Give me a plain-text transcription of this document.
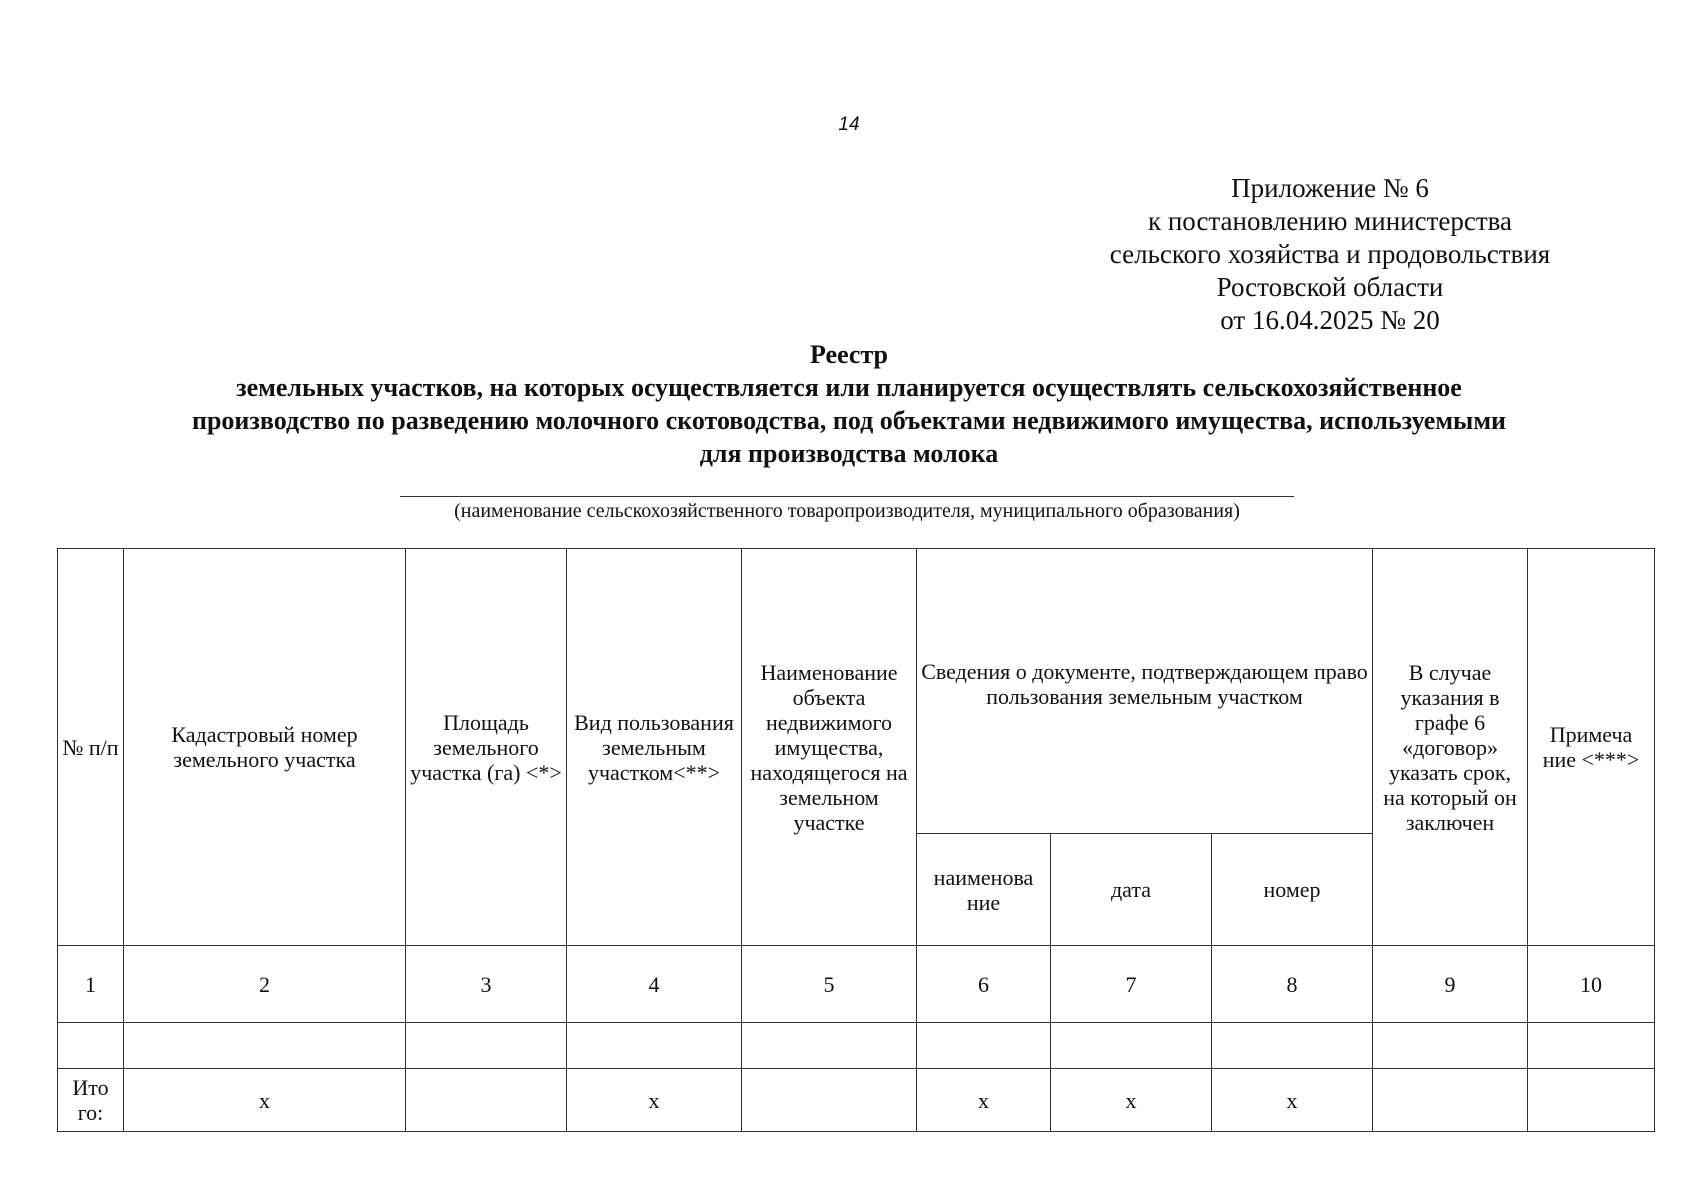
14
Приложение № 6
к постановлению министерства
сельского хозяйства и продовольствия
Ростовской области
от 16.04.2025 № 20
Реестр
земельных участков, на которых осуществляется или планируется осуществлять сельскохозяйственное
производство по разведению молочного скотоводства, под объектами недвижимого имущества, используемыми
для производства молока
(наименование сельскохозяйственного товаропроизводителя, муниципального образования)
№ п/п	Кадастровый номер земельного участка	Площадь земельного участка (га) <*>	Вид пользования земельным участком<**>	Наименование объекта недвижимого имущества, находящегося на земельном участке	Сведения о документе, подтверждающем право пользования земельным участком			В случае указания в графе 6 «договор» указать срок, на который он заключен	Примеча ние <***>
					наименова ние	дата	номер		
1	2	3	4	5	6	7	8	9	10

Ито го:	х		х		х	х	х		
